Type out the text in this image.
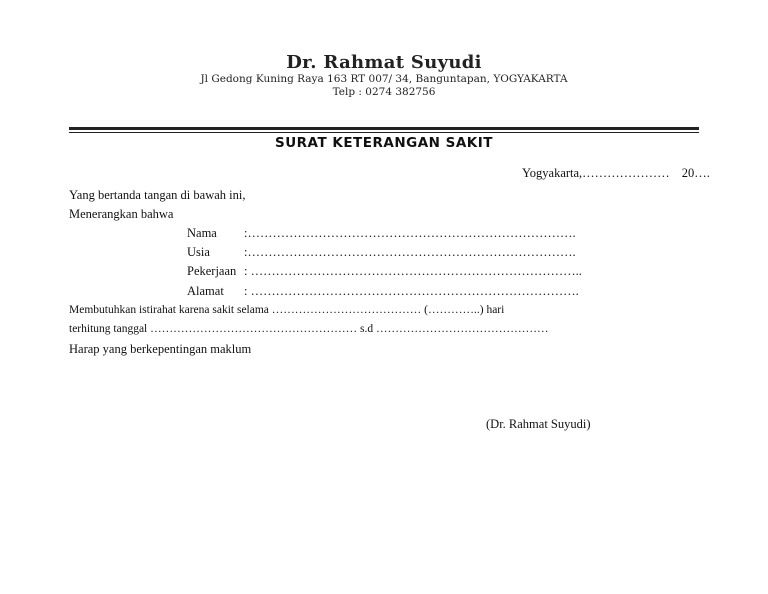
Dr. Rahmat Suyudi
Jl Gedong Kuning Raya 163 RT 007/ 34, Banguntapan, YOGYAKARTA
Telp : 0274 382756
SURAT KETERANGAN SAKIT
Yogyakarta,………………… 20….
Yang bertanda tangan di bawah ini,
Menerangkan bahwa
Nama :…………………………………………………………………….
Usia	:…………………………………………………………………….
Pekerjaan : ……………………………………………………………………..
Alamat : …………………………………………………………………….
Membutuhkan istirahat karena sakit selama ………………………………… (…………..) hari
terhitung tanggal ……………………………………………… s.d ………………………………………
Harap yang berkepentingan maklum
(Dr. Rahmat Suyudi)
